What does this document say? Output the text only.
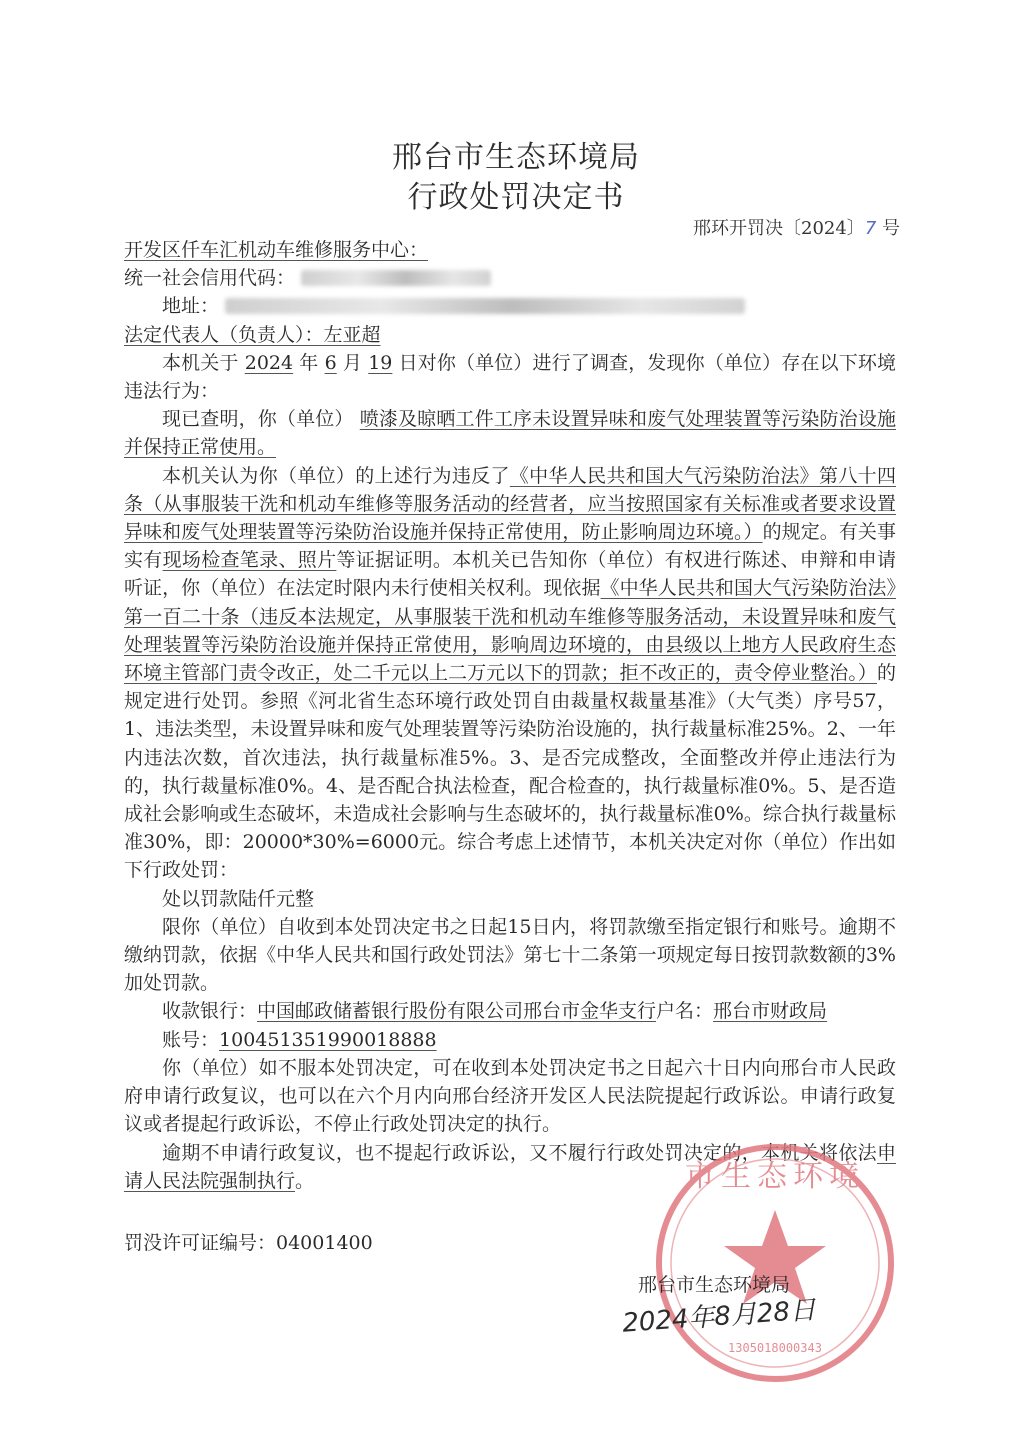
邢台市生态环境局
行政处罚决定书
邢环开罚决〔2024〕7 号

开发区仟车汇机动车维修服务中心：

统一社会信用代码：

地址：

法定代表人（负责人）：左亚超

本机关于 2024 年 6 月 19 日对你（单位）进行了调查，发现你（单位）存在以下环境违法行为：

现已查明，你（单位） 喷漆及晾晒工件工序未设置异味和废气处理装置等污染防治设施并保持正常使用。

本机关认为你（单位）的上述行为违反了《中华人民共和国大气污染防治法》第八十四条（从事服装干洗和机动车维修等服务活动的经营者，应当按照国家有关标准或者要求设置异味和废气处理装置等污染防治设施并保持正常使用，防止影响周边环境。）的规定。有关事实有现场检查笔录、照片等证据证明。本机关已告知你（单位）有权进行陈述、申辩和申请听证，你（单位）在法定时限内未行使相关权利。现依据《中华人民共和国大气污染防治法》第一百二十条（违反本法规定，从事服装干洗和机动车维修等服务活动，未设置异味和废气处理装置等污染防治设施并保持正常使用，影响周边环境的，由县级以上地方人民政府生态环境主管部门责令改正，处二千元以上二万元以下的罚款；拒不改正的，责令停业整治。）的规定进行处罚。参照《河北省生态环境行政处罚自由裁量权裁量基准》（大气类）序号57，1、违法类型，未设置异味和废气处理装置等污染防治设施的，执行裁量标准25%。2、一年内违法次数，首次违法，执行裁量标准5%。3、是否完成整改，全面整改并停止违法行为的，执行裁量标准0%。4、是否配合执法检查，配合检查的，执行裁量标准0%。5、是否造成社会影响或生态破坏，未造成社会影响与生态破坏的，执行裁量标准0%。综合执行裁量标准30%，即：20000*30%=6000元。综合考虑上述情节，本机关决定对你（单位）作出如下行政处罚：

处以罚款陆仟元整

限你（单位）自收到本处罚决定书之日起15日内，将罚款缴至指定银行和账号。逾期不缴纳罚款，依据《中华人民共和国行政处罚法》第七十二条第一项规定每日按罚款数额的3%加处罚款。

收款银行：中国邮政储蓄银行股份有限公司邢台市金华支行户名：邢台市财政局

账号：10045135199001888​8

你（单位）如不服本处罚决定，可在收到本处罚决定书之日起六十日内向邢台市人民政府申请行政复议，也可以在六个月内向邢台经济开发区人民法院提起行政诉讼。申请行政复议或者提起行政诉讼，不停止行政处罚决定的执行。

逾期不申请行政复议，也不提起行政诉讼，又不履行行政处罚决定的，本机关将依法申请人民法院强制执行。

罚没许可证编号：04001400

市生态环境
1305018000343
邢台市生态环境局
2024年8月28日
